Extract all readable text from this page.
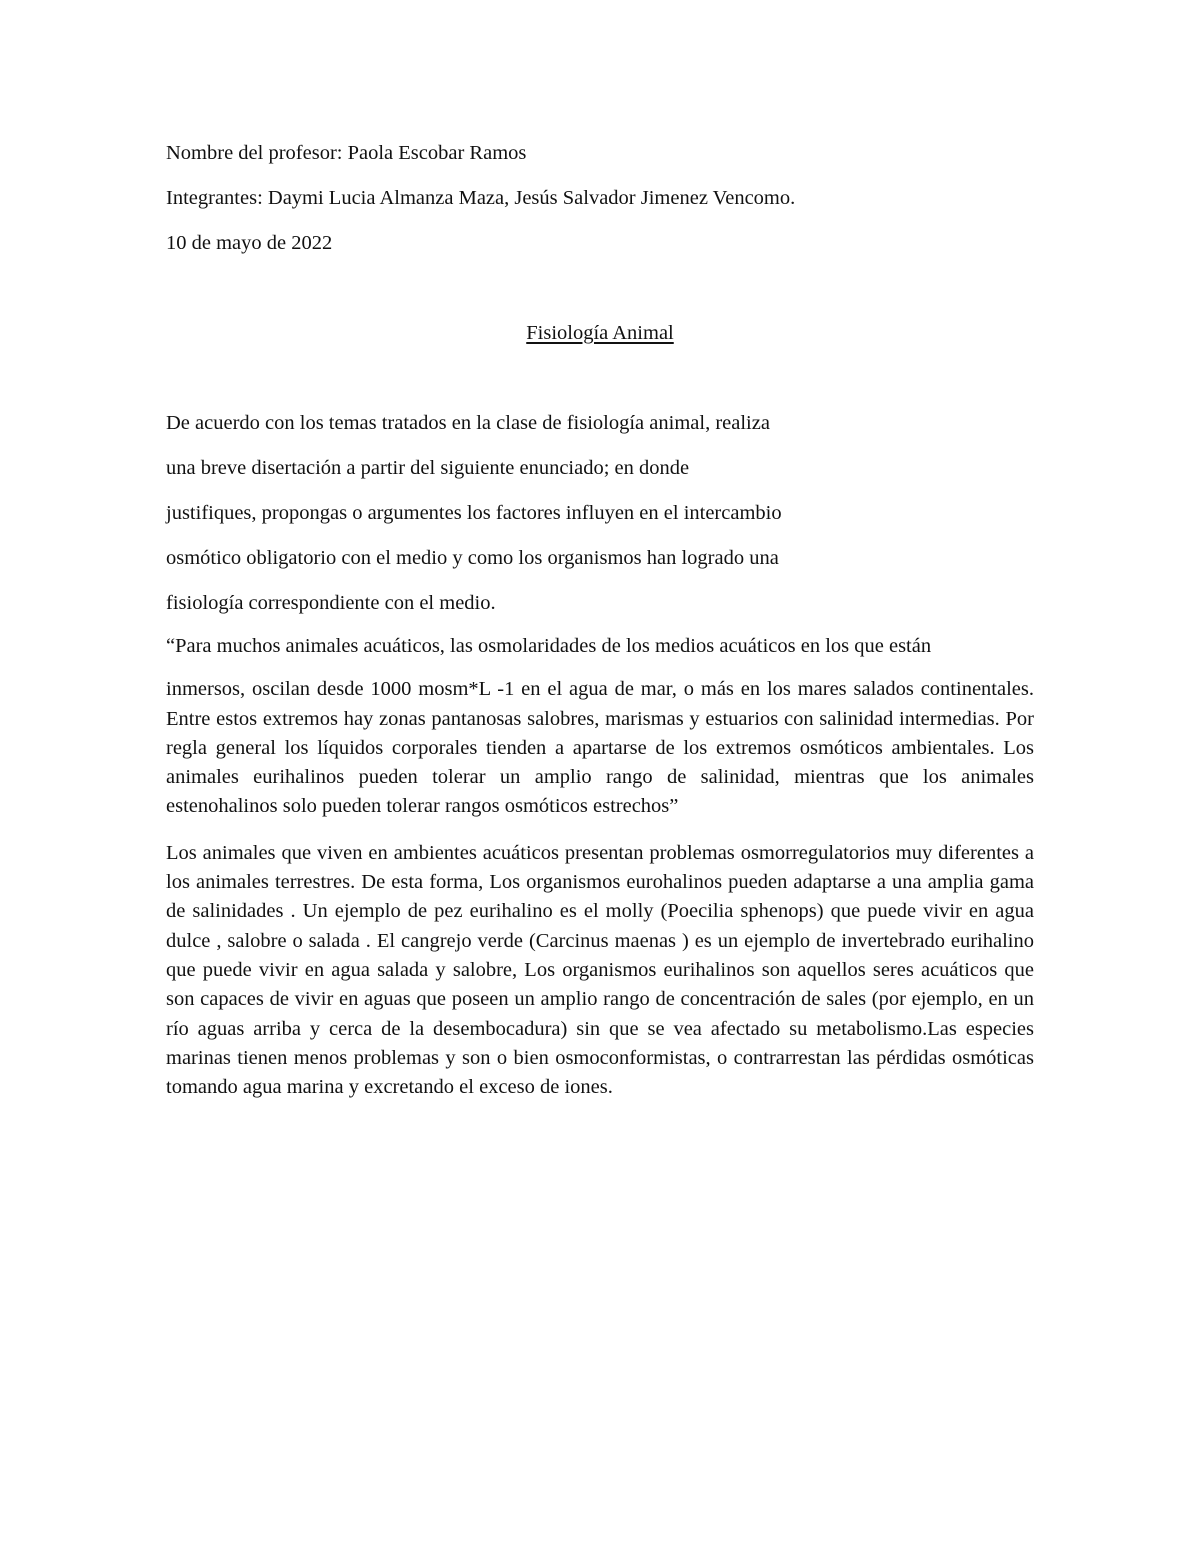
Nombre del profesor: Paola Escobar Ramos

Integrantes: Daymi Lucia Almanza Maza, Jesús Salvador Jimenez Vencomo.

10 de mayo de 2022

Fisiología Animal

De acuerdo con los temas tratados en la clase de fisiología animal, realiza

una breve disertación a partir del siguiente enunciado; en donde

justifiques, propongas o argumentes los factores influyen en el intercambio

osmótico obligatorio con el medio y como los organismos han logrado una

fisiología correspondiente con el medio.

“Para muchos animales acuáticos, las osmolaridades de los medios acuáticos en los que están

inmersos, oscilan desde 1000 mosm*L -1 en el agua de mar, o más en los mares salados continentales. Entre estos extremos hay zonas pantanosas salobres, marismas y estuarios con salinidad intermedias. Por regla general los líquidos corporales tienden a apartarse de los extremos osmóticos ambientales. Los animales eurihalinos pueden tolerar un amplio rango de salinidad, mientras que los animales estenohalinos solo pueden tolerar rangos osmóticos estrechos”

Los animales que viven en ambientes acuáticos presentan problemas osmorregulatorios muy diferentes a los animales terrestres. De esta forma, Los organismos eurohalinos pueden adaptarse a una amplia gama de salinidades . Un ejemplo de pez eurihalino es el molly (Poecilia sphenops) que puede vivir en agua dulce , salobre o salada . El cangrejo verde (Carcinus maenas ) es un ejemplo de invertebrado eurihalino que puede vivir en agua salada y salobre, Los organismos eurihalinos son aquellos seres acuáticos que son capaces de vivir en aguas que poseen un amplio rango de concentración de sales (por ejemplo, en un río aguas arriba y cerca de la desembocadura) sin que se vea afectado su metabolismo.Las especies marinas tienen menos problemas y son o bien osmoconformistas, o contrarrestan las pérdidas osmóticas tomando agua marina y excretando el exceso de iones.
